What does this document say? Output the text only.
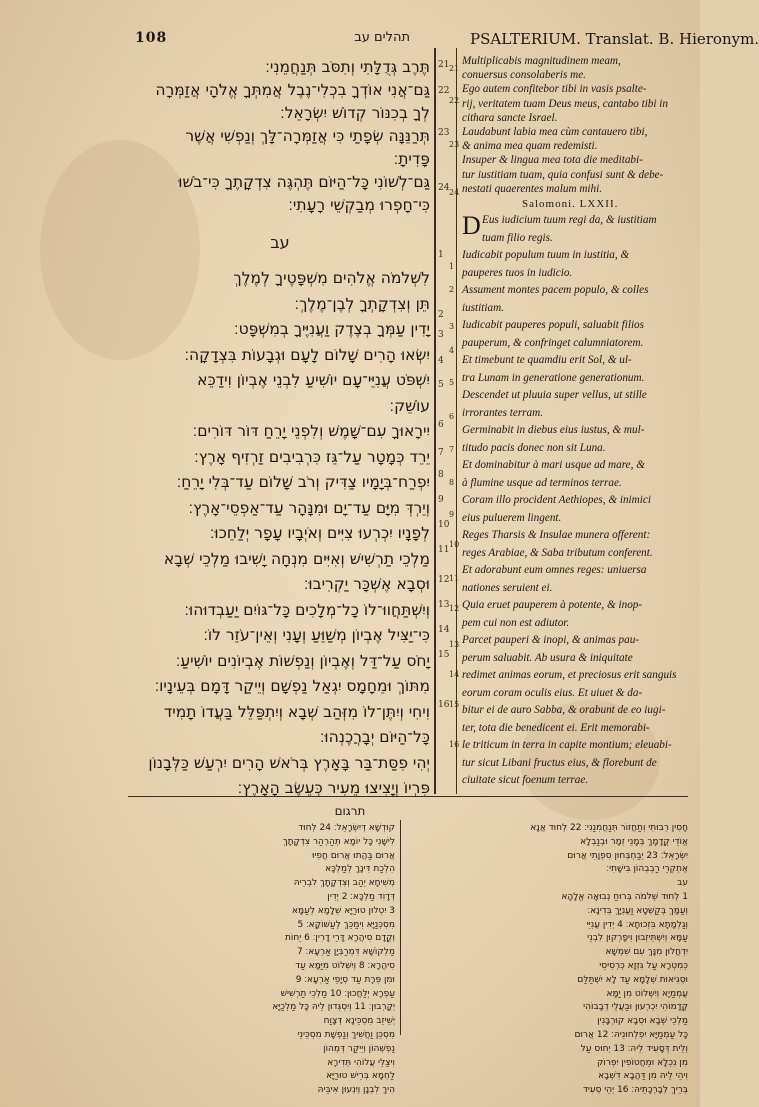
108	תהלים עב	PSALTERIUM. Translat. B. Hieronym.
תֶּרֶב גְּדֻלָּתִי וְתִסֹּב תְּנַחֲמֵנִי׃
גַּם־אֲנִי אוֹדְךָ בִכְלִי־נֶבֶל אֲמִתְּךָ אֱלֹהָי אֲזַמְּרָה
לְךָ בְכִנּוֹר קְדוֹשׁ יִשְׂרָאֵל׃
תְּרַנֵּנָּה שְׂפָתַי כִּי אֲזַמְּרָה־לָּךְ וְנַפְשִׁי אֲשֶׁר
פָּדִיתָ׃
גַּם־לְשׁוֹנִי כָּל־הַיּוֹם תֶּהְגֶּה צִדְקָתֶךָ כִּי־בֹשׁוּ
כִּי־חָפְרוּ מְבַקְשֵׁי רָעָתִי׃
עב
לִשְׁלֹמֹה אֱלֹהִים מִשְׁפָּטֶיךָ לְמֶלֶךְ
תֵּן וְצִדְקָתְךָ לְבֶן־מֶלֶךְ׃
יָדִין עַמְּךָ בְצֶדֶק וַעֲנִיֶּיךָ בְמִשְׁפָּט׃
יִשְׂאוּ הָרִים שָׁלוֹם לָעָם וּגְבָעוֹת בִּצְדָקָה׃
יִשְׁפֹּט עֲנִיֵּי־עָם יוֹשִׁיעַ לִבְנֵי אֶבְיוֹן וִידַכֵּא
עוֹשֵׁק׃
יִירָאוּךָ עִם־שָׁמֶשׁ וְלִפְנֵי יָרֵחַ דּוֹר דּוֹרִים׃
יֵרֵד כְּמָטָר עַל־גֵּז כִּרְבִיבִים זַרְזִיף אָרֶץ׃
יִפְרַח־בְּיָמָיו צַדִּיק וְרֹב שָׁלוֹם עַד־בְּלִי יָרֵחַ׃
וְיֵרְדְּ מִיָּם עַד־יָם וּמִנָּהָר עַד־אַפְסֵי־אָרֶץ׃
לְפָנָיו יִכְרְעוּ צִיִּים וְאֹיְבָיו עָפָר יְלַחֵכוּ׃
מַלְכֵי תַרְשִׁישׁ וְאִיִּים מִנְחָה יָשִׁיבוּ מַלְכֵי שְׁבָא
וּסְבָא אֶשְׁכָּר יַקְרִיבוּ׃
וְיִשְׁתַּחֲווּ־לוֹ כָל־מְלָכִים כָּל־גּוֹיִם יַעַבְדוּהוּ׃
כִּי־יַצִּיל אֶבְיוֹן מְשַׁוֵּעַ וְעָנִי וְאֵין־עֹזֵר לוֹ׃
יָחֹס עַל־דַּל וְאֶבְיוֹן וְנַפְשׁוֹת אֶבְיוֹנִים יוֹשִׁיעַ׃
מִתּוֹךְ וּמֵחָמָס יִגְאַל נַפְשָׁם וְיֵיקַר דָּמָם בְּעֵינָיו׃
וִיחִי וְיִתֶּן־לוֹ מִזְּהַב שְׁבָא וְיִתְפַּלֵּל בַּעֲדוֹ תָמִיד
כָּל־הַיּוֹם יְבָרֲכֶנְהוּ׃
יְהִי פִסַּת־בַּר בָּאָרֶץ בְּרֹאשׁ הָרִים יִרְעַשׁ כַּלְּבָנוֹן
פִּרְיוֹ וְיָצִיצוּ מֵעִיר כְּעֵשֶׂב הָאָרֶץ׃
21
22
23
24
1
2
3
4
5
6
7
8
9
10
11
12
13
14
15
16
Multiplicabis magnitudinem meam,
conuersus consolaberis me.
Ego autem confitebor tibi in vasis psalte-
rij, veritatem tuam Deus meus, cantabo tibi in
cithara sancte Israel.
Laudabunt labia mea cùm cantauero tibi,
& anima mea quam redemisti.
Insuper & lingua mea tota die meditabi-
tur iustitiam tuam, quia confusi sunt & debe-
nestati quaerentes malum mihi.
Salomoni. LXXII.
D Eus iudicium tuum regi da, & iustitiam
tuam filio regis.
Iudicabit populum tuum in iustitia, &
pauperes tuos in iudicio.
Assument montes pacem populo, & colles
iustitiam.
Iudicabit pauperes populi, saluabit filios
pauperum, & confringet calumniatorem.
Et timebunt te quamdiu erit Sol, & ul-
tra Lunam in generatione generationum.
Descendet ut pluuia super vellus, ut stille
irrorantes terram.
Germinabit in diebus eius iustus, & mul-
titudo pacis donec non sit Luna.
Et dominabitur à mari usque ad mare, &
à flumine usque ad terminos terrae.
Coram illo procident Aethiopes, & inimici
eius puluerem lingent.
Reges Tharsis & Insulae munera offerent:
reges Arabiae, & Saba tributum conferent.
Et adorabunt eum omnes reges: uniuersa
nationes seruient ei.
Quia eruet pauperem à potente, & inop-
pem cui non est adiutor.
Parcet pauperi & inopi, & animas pau-
perum saluabit. Ab usura & iniquitate
redimet animas eorum, et preciosus erit sanguis
eorum coram oculis eius. Et uiuet & da-
bitur ei de auro Sabba, & orabunt de eo iugi-
ter, tota die benedicent ei. Erit memorabi-
le triticum in terra in capite montium; eleuabi-
tur sicut Libani fructus eius, & florebunt de
ciuitate sicut foenum terrae.
21
22
23
24
1
2
3
4
5
6
7
8
9
10
11
12
13
14
15
16
תרגום
חָסִין רְבוּתִי וְתַחֲזוֹר תְּנַחֲמִנַנִי׃ 22 לְחוּד אֲנָא
אֲוֹדֵי קֳדָמָךְ בְּמָנֵי זְמָר וּבְנַבְלָא
יִשְׂרָאֵל׃ 23 יְבַחְבְּחוּן סִפְוָתִי אֲרוּם
אֶתְקְרֵי רַבְבְהוֹן בִּישָׁתִי׃
עב
1 לְחוּד שְׁלֹמֹה בְּרוּחַ נְבוּאָה אֱלָהָא
וְעַמָּךְ בְּקַשְׁטָא וַעֲנִיָּךְ בְּדִינָא׃
וְגַלְמָתָא בִּזְכוּתָא׃ 4 יְדִין עֲנִיֵּי
עַמָּא וְיִשְׁתֵּיזְבוּן וִיפָרְקוּן לִבְנֵי
יִדְחֲלוּן מִנָּךְ עִם שִׁמְשָׁא
כְּמִטְרָא עַל גִּזְזָא כְּרְסִיסֵי
וּסְגִיאוּת שְׁלָמָא עַד לָא יִשְׁתַּלַּם
עֲמְמַיָא וְיִשְׁלוֹט מִן יַמָּא
קֳדָמוֹהִי יִכְרְעוּן וּבַעֲלֵי דְבָבוֹהִי
מַלְכֵי שְׁבָא וּסְבָא קוּרְבָּנִין
כָּל עַמְמַיָּא יִפְלְחוּנֵיהּ׃ 12 אֲרוּם
וְלֵית דְּסָעִיד לֵיהּ׃ 13 יְחוּס עַל
מִן נִכְלָא וּמֵחֲטוֹפִין יִפְרוֹק
וִיהֵי לֵיהּ מִן דַּהֲבָא דִשְׁבָא
בְּרֵיךְ לְבָרְכָתֵיהּ׃ 16 יְהֵי סְעִיד
קוּדְשָׁא דְּיִשְׂרָאֵל׃ 24 לְחוּד
לִישָׁנִי כָּל יוֹמָא תְּהַרְהַר צִדְקָתָךְ
אֲרוּם בַּהֲתוּ אֲרוּם חֲפִיוּ
הִלְכַת דִּינָךְ לְמַלְכָּא
מְשִׁיחָא יְהַב וְצִדְקָתָךְ לִבְרֵיהּ
דְּדָוִד מַלְכָּא׃ 2 יְדִין
3 יִטְלוּן טוּרַיָּא שְׁלָמָא לְעַמָּא
מִסְכְּנַיָּא וִימַכֵּךְ לְעַשׁוֹקָא׃ 5
וְקֳדָם סִיהֲרָא דָּרֵי דָרִין׃ 6 יֵחוֹת
מַלְקוֹשָׁא דִּמְרַבְּיָן אַרְעָא׃ 7
סִיהֲרָא׃ 8 וְיִשְׁלוֹט מִיַּמָּא עַד
וּמִן פְּרָת עַד סְיָפֵי אַרְעָא׃ 9
עַפְרָא יְלַחֲכוּן׃ 10 מַלְכֵי תַרְשִׁישׁ
יְקָרְבוּן׃ 11 וְיִסְגְּדוּן לֵיהּ כָּל מַלְכַיָּא
יְשֵׁיזֵב מִסְכֵּינָא דְּצָוַח
מִסְכֵּן וַחֲשִׁיךְ וְנַפְשָׁת מִסְכֵּינֵי
נַפְשְׁהוֹן וְיֵיקַר דְּמְהוֹן
וִיצַלֵּי עֲלוֹהִי תְּדִירָא
לַחְמָא בְּרֵישׁ טוּרַיָּא
הִיךְ לִבְנָן וְיִנְעוּן אִיבֵּיהּ
